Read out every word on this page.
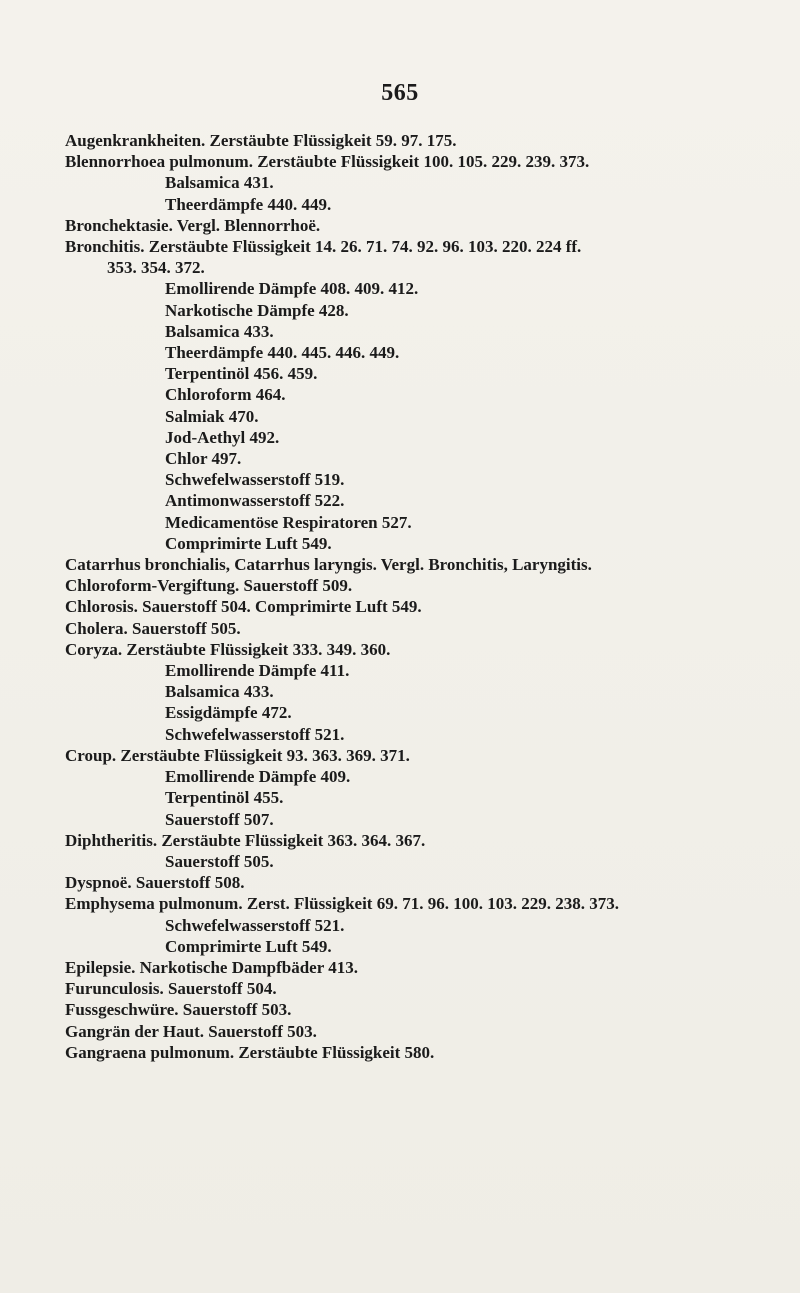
565
Augenkrankheiten. Zerstäubte Flüssigkeit 59. 97. 175.
Blennorrhoea pulmonum. Zerstäubte Flüssigkeit 100. 105. 229. 239. 373.
Balsamica 431.
Theerdämpfe 440. 449.
Bronchektasie. Vergl. Blennorrhoë.
Bronchitis. Zerstäubte Flüssigkeit 14. 26. 71. 74. 92. 96. 103. 220. 224 ff.
353. 354. 372.
Emollirende Dämpfe 408. 409. 412.
Narkotische Dämpfe 428.
Balsamica 433.
Theerdämpfe 440. 445. 446. 449.
Terpentinöl 456. 459.
Chloroform 464.
Salmiak 470.
Jod-Aethyl 492.
Chlor 497.
Schwefelwasserstoff 519.
Antimonwasserstoff 522.
Medicamentöse Respiratoren 527.
Comprimirte Luft 549.
Catarrhus bronchialis, Catarrhus laryngis. Vergl. Bronchitis, Laryngitis.
Chloroform-Vergiftung. Sauerstoff 509.
Chlorosis. Sauerstoff 504. Comprimirte Luft 549.
Cholera. Sauerstoff 505.
Coryza. Zerstäubte Flüssigkeit 333. 349. 360.
Emollirende Dämpfe 411.
Balsamica 433.
Essigdämpfe 472.
Schwefelwasserstoff 521.
Croup. Zerstäubte Flüssigkeit 93. 363. 369. 371.
Emollirende Dämpfe 409.
Terpentinöl 455.
Sauerstoff 507.
Diphtheritis. Zerstäubte Flüssigkeit 363. 364. 367.
Sauerstoff 505.
Dyspnoë. Sauerstoff 508.
Emphysema pulmonum. Zerst. Flüssigkeit 69. 71. 96. 100. 103. 229. 238. 373.
Schwefelwasserstoff 521.
Comprimirte Luft 549.
Epilepsie. Narkotische Dampfbäder 413.
Furunculosis. Sauerstoff 504.
Fussgeschwüre. Sauerstoff 503.
Gangrän der Haut. Sauerstoff 503.
Gangraena pulmonum. Zerstäubte Flüssigkeit 580.
